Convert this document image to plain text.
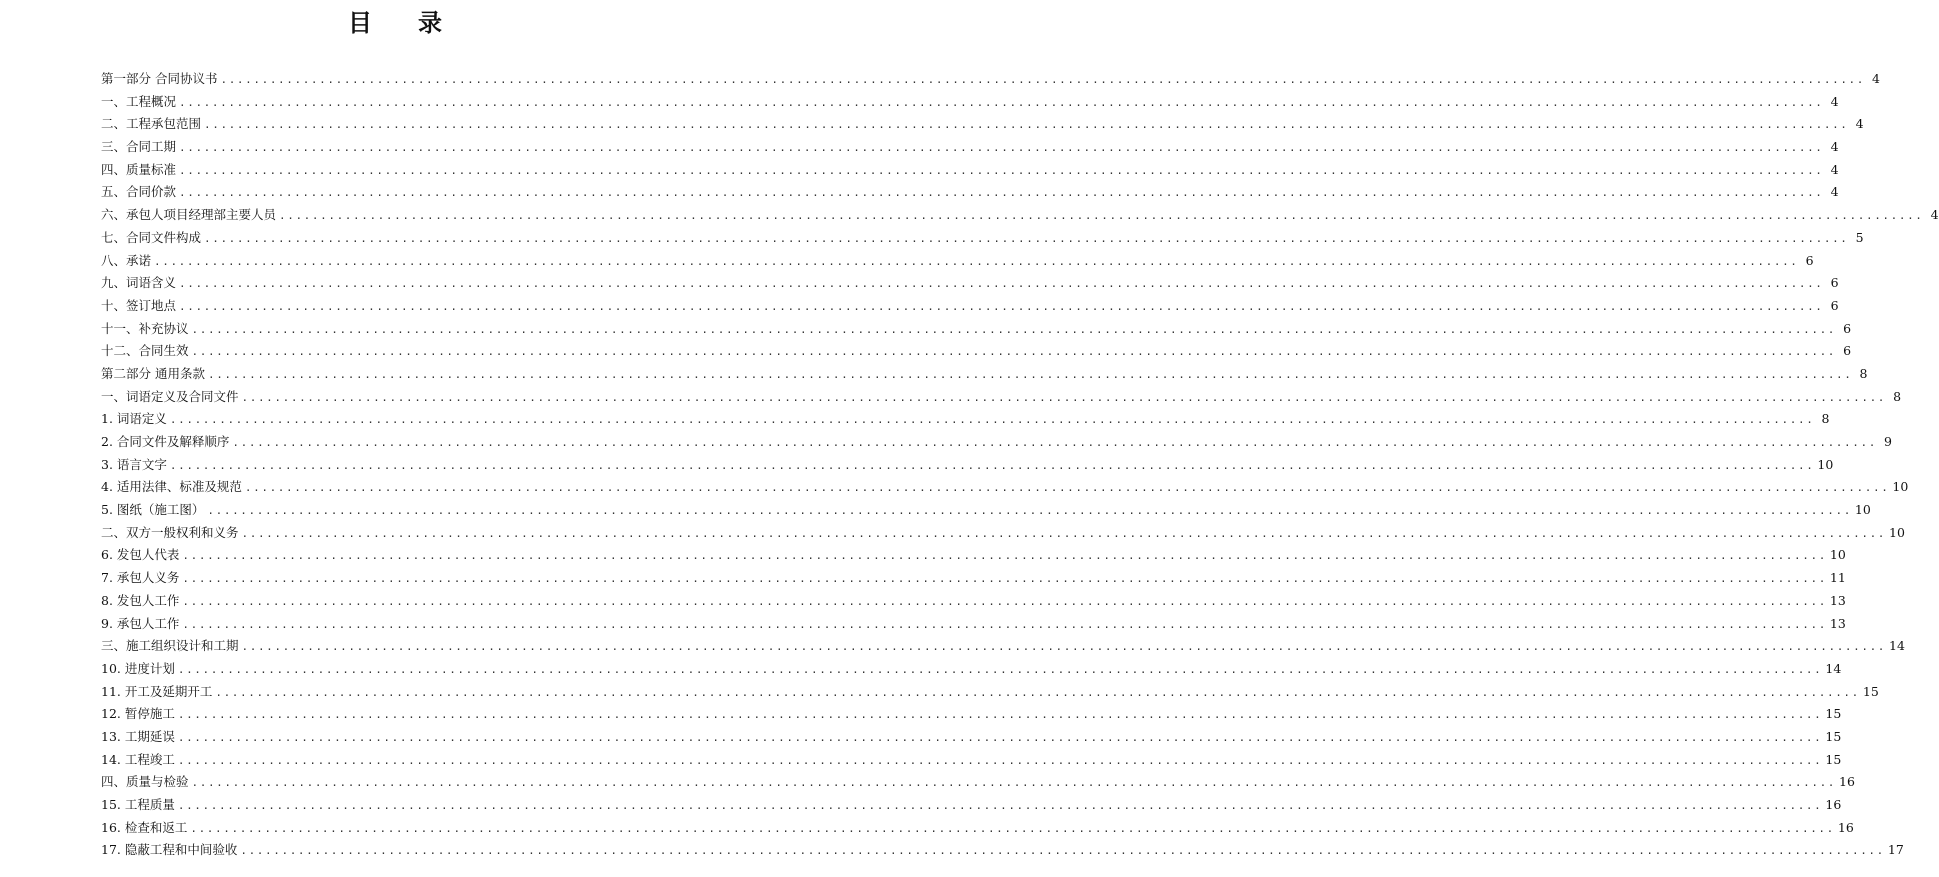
目 录
第一部分 合同协议书 ........................................................................................................................................................................................................ 4
一、工程概况 ........................................................................................................................................................................................................ 4
二、工程承包范围 ........................................................................................................................................................................................................ 4
三、合同工期 ........................................................................................................................................................................................................ 4
四、质量标准 ........................................................................................................................................................................................................ 4
五、合同价款 ........................................................................................................................................................................................................ 4
六、承包人项目经理部主要人员 ........................................................................................................................................................................................................ 4
七、合同文件构成 ........................................................................................................................................................................................................ 5
八、承诺 ........................................................................................................................................................................................................ 6
九、词语含义 ........................................................................................................................................................................................................ 6
十、签订地点 ........................................................................................................................................................................................................ 6
十一、补充协议 ........................................................................................................................................................................................................ 6
十二、合同生效 ........................................................................................................................................................................................................ 6
第二部分 通用条款 ........................................................................................................................................................................................................ 8
一、词语定义及合同文件 ........................................................................................................................................................................................................ 8
1. 词语定义 ........................................................................................................................................................................................................ 8
2. 合同文件及解释顺序 ........................................................................................................................................................................................................ 9
3. 语言文字 ........................................................................................................................................................................................................ 10
4. 适用法律、标准及规范 ........................................................................................................................................................................................................ 10
5. 图纸（施工图） ........................................................................................................................................................................................................ 10
二、双方一般权利和义务 ........................................................................................................................................................................................................ 10
6. 发包人代表 ........................................................................................................................................................................................................ 10
7. 承包人义务 ........................................................................................................................................................................................................ 11
8. 发包人工作 ........................................................................................................................................................................................................ 13
9. 承包人工作 ........................................................................................................................................................................................................ 13
三、施工组织设计和工期 ........................................................................................................................................................................................................ 14
10. 进度计划 ........................................................................................................................................................................................................ 14
11. 开工及延期开工 ........................................................................................................................................................................................................ 15
12. 暂停施工 ........................................................................................................................................................................................................ 15
13. 工期延误 ........................................................................................................................................................................................................ 15
14. 工程竣工 ........................................................................................................................................................................................................ 15
四、质量与检验 ........................................................................................................................................................................................................ 16
15. 工程质量 ........................................................................................................................................................................................................ 16
16. 检查和返工 ........................................................................................................................................................................................................ 16
17. 隐蔽工程和中间验收 ........................................................................................................................................................................................................ 17
